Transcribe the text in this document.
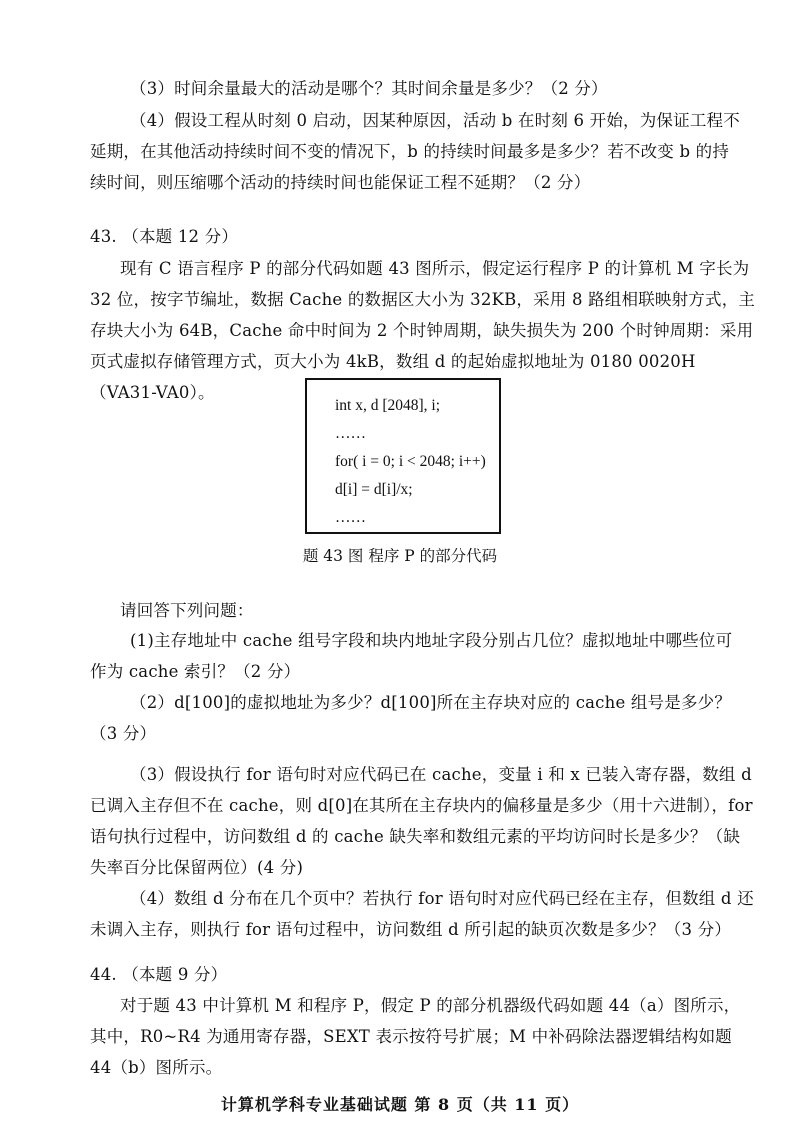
（3）时间余量最大的活动是哪个？其时间余量是多少？（2 分）
（4）假设工程从时刻 0 启动，因某种原因，活动 b 在时刻 6 开始，为保证工程不
延期，在其他活动持续时间不变的情况下，b 的持续时间最多是多少？若不改变 b 的持
续时间，则压缩哪个活动的持续时间也能保证工程不延期？（2 分）
43. （本题 12 分）
现有 C 语言程序 P 的部分代码如题 43 图所示，假定运行程序 P 的计算机 M 字长为
32 位，按字节编址，数据 Cache 的数据区大小为 32KB，采用 8 路组相联映射方式，主
存块大小为 64B，Cache 命中时间为 2 个时钟周期，缺失损失为 200 个时钟周期：采用
页式虚拟存储管理方式，页大小为 4kB，数组 d 的起始虚拟地址为 0180 0020H
（VA31-VA0）。
int x, d [2048], i;
……
for( i = 0; i < 2048; i++)
d[i] = d[i]/x;
……
题 43 图 程序 P 的部分代码
请回答下列问题：
(1)主存地址中 cache 组号字段和块内地址字段分别占几位？虚拟地址中哪些位可
作为 cache 索引？（2 分）
（2）d[100]的虚拟地址为多少？d[100]所在主存块对应的 cache 组号是多少？
（3 分）
（3）假设执行 for 语句时对应代码已在 cache，变量 i 和 x 已装入寄存器，数组 d
已调入主存但不在 cache，则 d[0]在其所在主存块内的偏移量是多少（用十六进制），for
语句执行过程中，访问数组 d 的 cache 缺失率和数组元素的平均访问时长是多少？（缺
失率百分比保留两位）(4 分)
（4）数组 d 分布在几个页中？若执行 for 语句时对应代码已经在主存，但数组 d 还
未调入主存，则执行 for 语句过程中，访问数组 d 所引起的缺页次数是多少？（3 分）
44. （本题 9 分）
对于题 43 中计算机 M 和程序 P，假定 P 的部分机器级代码如题 44（a）图所示，
其中，R0~R4 为通用寄存器，SEXT 表示按符号扩展；M 中补码除法器逻辑结构如题
44（b）图所示。
计算机学科专业基础试题 第 8 页（共 11 页）
